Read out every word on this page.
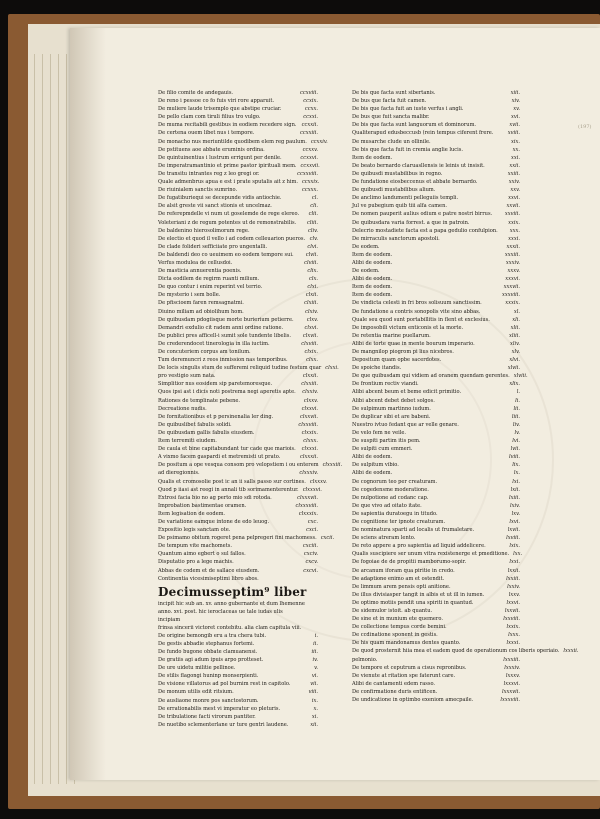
(197)
De filio comite de andegauis.	ccxviii.
De reno i pessoe co fo fuis viri rore apparuit.	ccxix.
De muliere laude trisemplo que abstipe cruciar.	ccxx.
De pello clam com tiruli filius tro vulgo.	ccxxi.
De muma recitabili gestibus in eodiem recedere sign. ccxxii.
De certena ouem libet nus i tempore.	ccxxiii.
De monacho nus meriuntilde quodibem elem reg paulum. ccxxiv.
De pstituens aoe abbate eruminis ordina.	ccxxv.
De quintuinentius i lustrum errigunt per denile.	ccxxvi.
De imperatramantinio et prime pastor ipirituali mem. ccxxvii.
De transitu intrantes reg z leo gregi or.	ccxxviii.
Quale admenbrus apua e est i prate sputalis ait z him. ccxxix.
De riuinialem sanctis sumrino.	ccxxx.
De fugatiburiequi se decepunde vidis antiochie.	cl.
De alsit greste vii sanct stionis et uncelmaz.	cli.
De referepmdelle vi num ut goselemde de rege elereo.	clii.
Voleteriani z de regum potentes ut de remonstrabilis.	cliii.
De baldenino hierosolimorum rege.	cliv.
De electio et quod il vello i ad codem celleuarion pueros. clv.
De clade folideri sefficiiate pro ungentalli.	clvi.
De baldendi deo co ueuimem eo eodem tempore sui.	clvii.
Verfus modulea de cellusdoi.	clviii.
De masticia annuerentia poenis.	clix.
Dicta eodilem de regirm ruanti milium.	clx.
De quo contur i enim reperint vel terrio.	clxi.
De mysterio i sem bolle.	clxii.
De pfiscioem faren remsagnatmi.	clxiii.
Diuino miliam ad obiolihum hom.	clxiv.
De quibusdam pdogiisque morte burierium petierre.	clxv.
Demandri exdulio cit radem anni ordine ratione.	clxvi.
De publici pres afficell-i sumit sole tundente libelis.	clxvii.
De crederendocet tinerologia in illa iuctim.	clxviii.
De concuteriem corpus am tonilum.	clxix.
Tum deremuncri z reos inmission nas temporibus.	clxx.
De locis singulis stum de sufferemi reliquid tudine festum quar clxxi.
pro vestigio sum nata.	clxxii.
Simplitior nus eosidem sip paretemoresque.	clxxiii.
Quos ipsi ast i dicis noti postrema negi aperetis apte.	clxxiv.
Rationes de templinate pebene.	clxxv.
Decreatione nudis.	clxxvi.
De fornitationibus et p persinenalia ler ding.	clxxvii.
De quibuslibet fabulis solidi.	clxxviii.
De quibusdam gallis fabulis eiusdem.	clxxix.
Item terremiti eiudem.	clxxx.
De caula et bine capitabundant tur cade que mariois.	clxxxi.
A vixmo facem gaspardi et metremisti ut prato.	clxxxii.
De positum a ope vesqua consom pro velopstiem i ou enterem clxxxiii.
ad dieregionnis.	clxxxiv.
Qualis et cromosolie post ic an ii salls passo sur cortines. clxxxv.
Quod p iiasi ast reegi in annali tib sorimamenterentur. clxxxvi.
Extrosi facia bio no ag perto mio sdi rotoda.	clxxxvii.
Improbation bastimentae oramen.	clxxxviii.
Item legisation de eodem.	clxxxix.
De variatione eamque intone de edo leuog.	cxc.
Expositio legis sanctam ote.	cxci.
De psimamo obitum rogeret pena pelpregeri fini machomess. cxcii.
De tempum vite machomets.	cxciii.
Quantum aimo egbert o sul fallos.	cxciv.
Disputatio pro a lege machis.	cxcv.
Abbas de codem et de sallace eiusdem.	cxcvi.
Continentia vicesimiseptimi libro abos.
Decimusseptim⁹ liber
incipit hic sub an. xv. anno gubernante et dum lhemenne
anno. xvi. post. hic ieroclaceas ue tale iudas ulis
incipiam
frinsa sincerii victoret contebitu. alia clam capitula viii.
De origine bemongib eru a tra chera tubi.	i.
De gestis abbadie stephanus fortemi.	ii.
De fundo bugone obbate clamuanensi.	iii.
De gratiis agi adum ipuis arpo protteset.	iv.
De ure uidetu militie pellinoe.	v.
De stilis flagongi huninp monserpienti.	vi.
De visione villatorus ad pol burnim rest in capitolo.	vii.
De monum utilis edit ritsium.	viii.
De ausliaone monre pos sanctostorum.	ix.
De errationabilis mest vi imperatur eo pleturis.	x.
De tribulatione facti virorum pantiter.	xi.
De nuetibo sclementerlane ur ture gentri laudene.	xii.
De bis que facta sunt sibertanis.	xiii.
De bus que facta fuit camen.	xiv.
De bis que facta fuit an iuste verfus i angli.	xv.
De bus que fuit sancta malibr.	xvi.
De bis que facta sunt languorum et dominorum.	xvii.
Qualiterapud edusbeccusb (rein tempus ciferent frere.	xviii.
De musarche clude un ollinile.	xix.
De bis que facta fuit in cremia anglie lucis.	xx.
Item de eodem.	xxi.
De beato bernardo claruasllensis ie leinis ut insisit.	xxii.
De quibusdi mustabilibus in regno.	xxiii.
De fundatione eiosbeccenus et abbate bernardo.	xxiv.
De quibusdi mustabilibus alium.	xxv.
De anclimo landumenti pelleguiis templi.	xxvi.
Jul ve pubegium quib tiii alfa camen.	xxvii.
De nomen pauperit aulius odium e patre nostri birrus.	xxviii.
De quibusdara varia forrest. a que in patroin.	xxix.
Delecrio mostadiete facta est a papa gedulio confulpion.	xxx.
De mirraculis sanctorum apostoli.	xxxi.
De eodem.	xxxii.
Item de eodem.	xxxiii.
Alibi de eodem.	xxxiv.
De eodem.	xxxv.
Alibi de eodem.	xxxvi.
Item de eodem.	xxxvii.
Item de eodem.	xxxviii.
De vindicta celesti in fri bros solisuum sanctissim.	xxxix.
De fundatione a contris sonopolis vite sino abbas.	xl.
Quale seu quod sunt portabillitis in flent et exclesius.	xli.
De imposobili victum enticonis et la morte.	xlii.
De retentia marine puellarum.	xliii.
Alibi de torte quae in mente bourum imperario.	xliv.
De mangnilop piogrom pi lius nicebros.	xlv.
Depositum quam opbe sacerdotes.	xlvi.
De spoiche itandis.	xlvii.
De que quibusdam qui vidiem ad oranem quendam gerentes. xlviii.
De frontium rectiv viandi.	xlix.
Alibi abcent beum et beme edicit primitio.	l.
Alibi abcent debet debet solgos.	li.
De sulpimum martinno iudum.	lii.
De duplicar sibi et are babeni.	liii.
Nuestro ivtuo fedant que ar velle genare.	liv.
De velo fem ne veile.	lv.
De suspiti partim itis pem.	lvi.
De sulpiti cum emmeri.	lvii.
Alibi de eodem.	lviii.
De sulpitum vibio.	lix.
Alibi de eodem.	lx.
De cognorum teo per creaturam.	lxi.
De cogedensme moderatione.	lxii.
De nulpotione ad codanc cap.	lxiii.
De que vivo ad oitato itate.	lxiv.
De sapientia duratoegu in titudo.	lxv.
De cognitione ter ipnote creaturam.	lxvi.
De nominatura sparti ad localis ut frumaletare.	lxvii.
De sciens atreram lento.	lxviii.
De reto appere a pro sapientia ad liquid addelicere.	lxix.
Qualis suscipiere ser unum vitra rexistenerge et pmeditione. lxx.
De fogoiae de de propitii mamborumo-sopir.	lxxi.
De arcanum iforam qua piritie in credo.	lxxii.
De adaptione enimo am et ostendit.	lxxiii.
De limmum arem pensis opti anitione.	lxxiv.
De illus divisiasper tangit in albis et ut ill in iumen.	lxxv.
De optimo motiis pendit una spiriti in quantud.	lxxvi.
De sidemulor istoit. ab quantu.	lxxvii.
De sine et in munium ete quemero.	lxxviii.
De collectione tempus corde bemini.	lxxix.
De ccdinatione sponent in gestis.	lxxx.
De his quam mandonamus dentes quanto.	lxxxi.
De quod prosternit hiia mea et eadem quod de operationum cos liberis operiaio. lxxxii.
pelmonio.	lxxxiii.
De tempore et ceputrum a cisus repronibus.	lxxxiv.
De vienute at ritation spe faterunt care.	lxxxv.
Alibi de cantamenti edem rasso.	lxxxvi.
De confirmatione duris entificen.	lxxxvii.
De undicatione in optimbo exeniom amecpaile.	lxxxviii.
